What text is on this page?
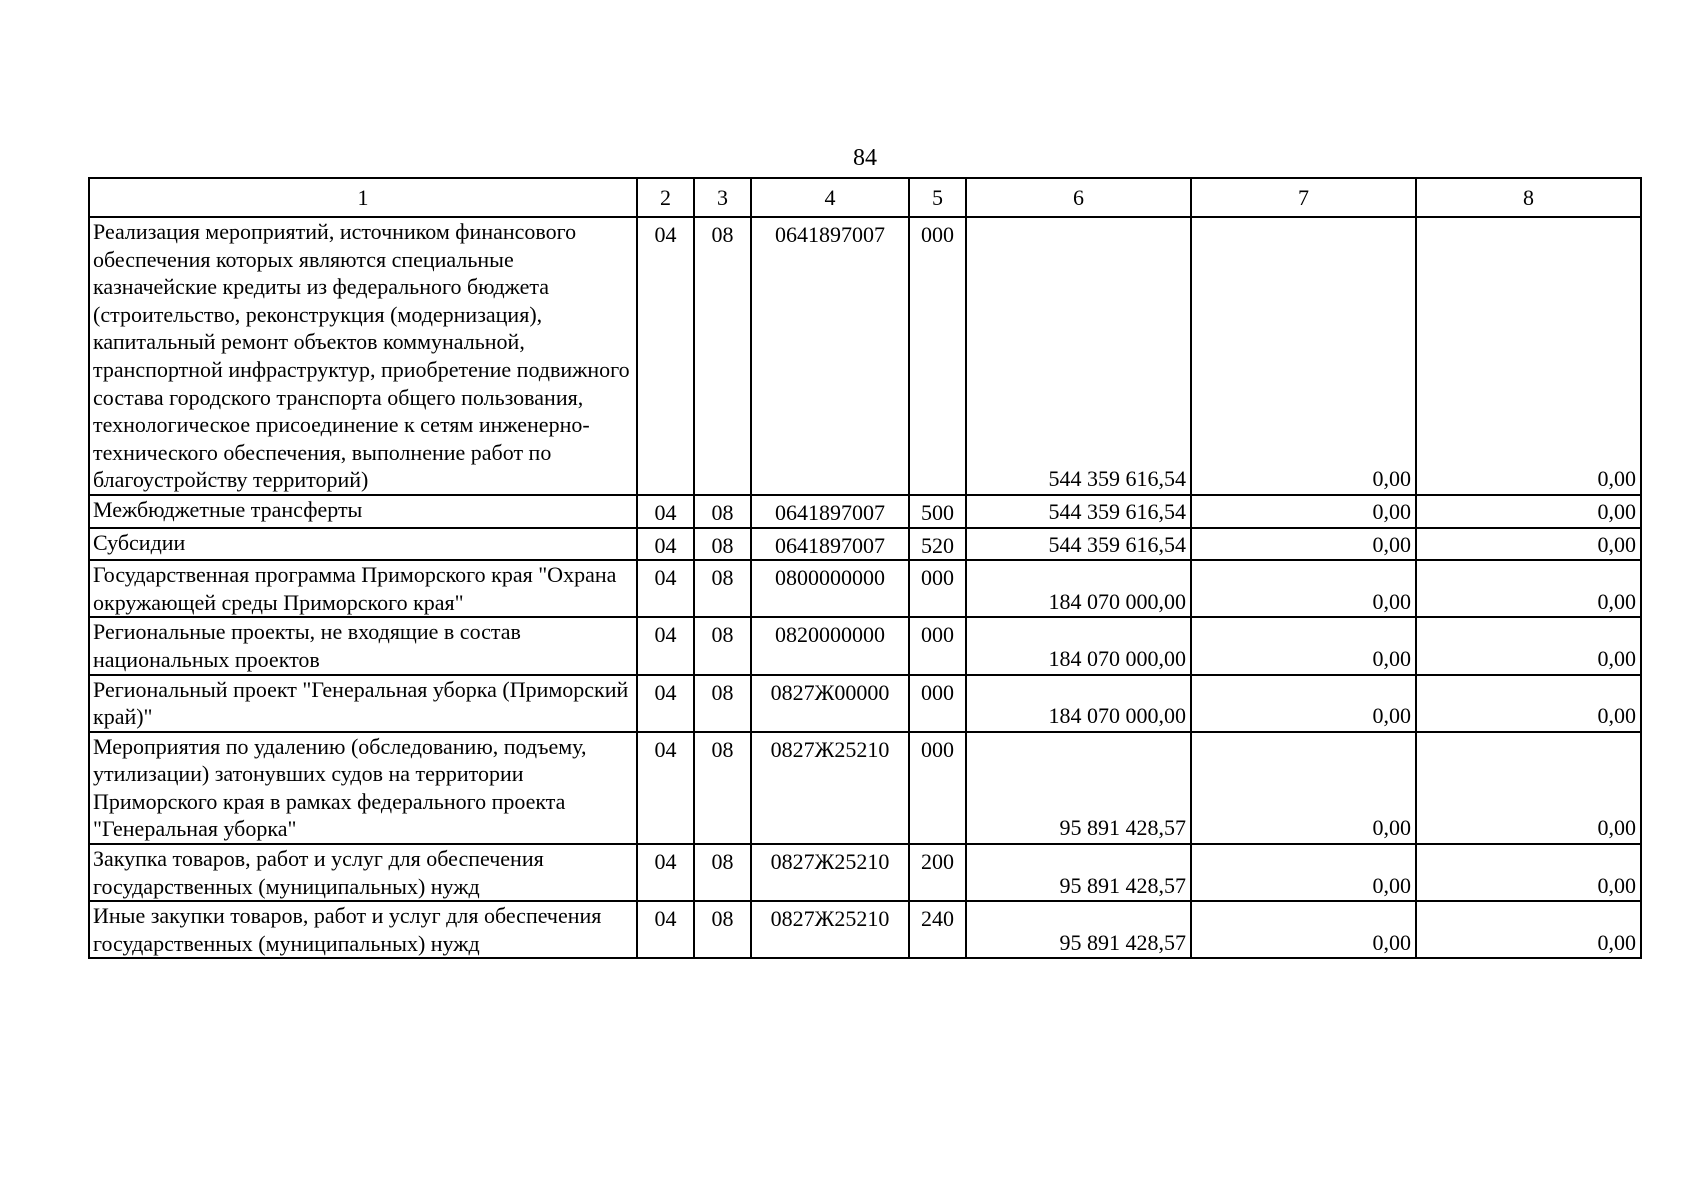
84
1	2	3	4	5	6	7	8
Реализация мероприятий, источником финансового обеспечения которых являются специальные казначейские кредиты из федерального бюджета (строительство, реконструкция (модернизация), капитальный ремонт объектов коммунальной, транспортной инфраструктур, приобретение подвижного состава городского транспорта общего пользования, технологическое присоединение к сетям инженерно-технического обеспечения, выполнение работ по благоустройству территорий)	04	08	0641897007	000	544 359 616,54	0,00	0,00
Межбюджетные трансферты	04	08	0641897007	500	544 359 616,54	0,00	0,00
Субсидии	04	08	0641897007	520	544 359 616,54	0,00	0,00
Государственная программа Приморского края "Охрана окружающей среды Приморского края"	04	08	0800000000	000	184 070 000,00	0,00	0,00
Региональные проекты, не входящие в состав национальных проектов	04	08	0820000000	000	184 070 000,00	0,00	0,00
Региональный проект "Генеральная уборка (Приморский край)"	04	08	0827Ж00000	000	184 070 000,00	0,00	0,00
Мероприятия по удалению (обследованию, подъему, утилизации) затонувших судов на территории Приморского края в рамках федерального проекта "Генеральная уборка"	04	08	0827Ж25210	000	95 891 428,57	0,00	0,00
Закупка товаров, работ и услуг для обеспечения государственных (муниципальных) нужд	04	08	0827Ж25210	200	95 891 428,57	0,00	0,00
Иные закупки товаров, работ и услуг для обеспечения государственных (муниципальных) нужд	04	08	0827Ж25210	240	95 891 428,57	0,00	0,00
